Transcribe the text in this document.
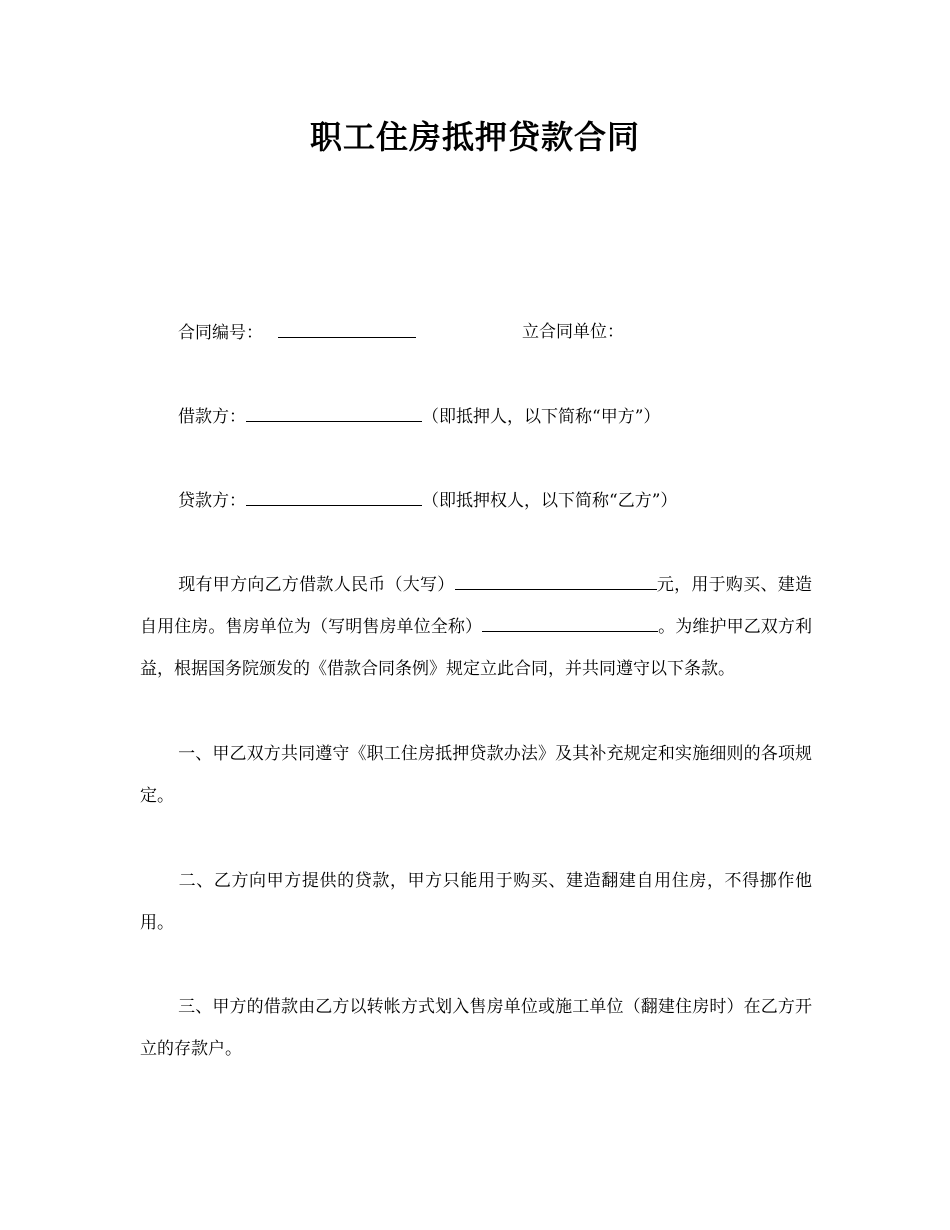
职工住房抵押贷款合同
合同编号：	立合同单位：
借款方：	（即抵押人，以下简称“甲方”）
贷款方：	（即抵押权人，以下简称“乙方”）
现有甲方向乙方借款人民币（大写）	元，用于购买、建造自用住房。售房单位为（写明售房单位全称）	。为维护甲乙双方利益，根据国务院颁发的《借款合同条例》规定立此合同，并共同遵守以下条款。
一、甲乙双方共同遵守《职工住房抵押贷款办法》及其补充规定和实施细则的各项规定。
二、乙方向甲方提供的贷款，甲方只能用于购买、建造翻建自用住房，不得挪作他用。
三、甲方的借款由乙方以转帐方式划入售房单位或施工单位（翻建住房时）在乙方开立的存款户。
